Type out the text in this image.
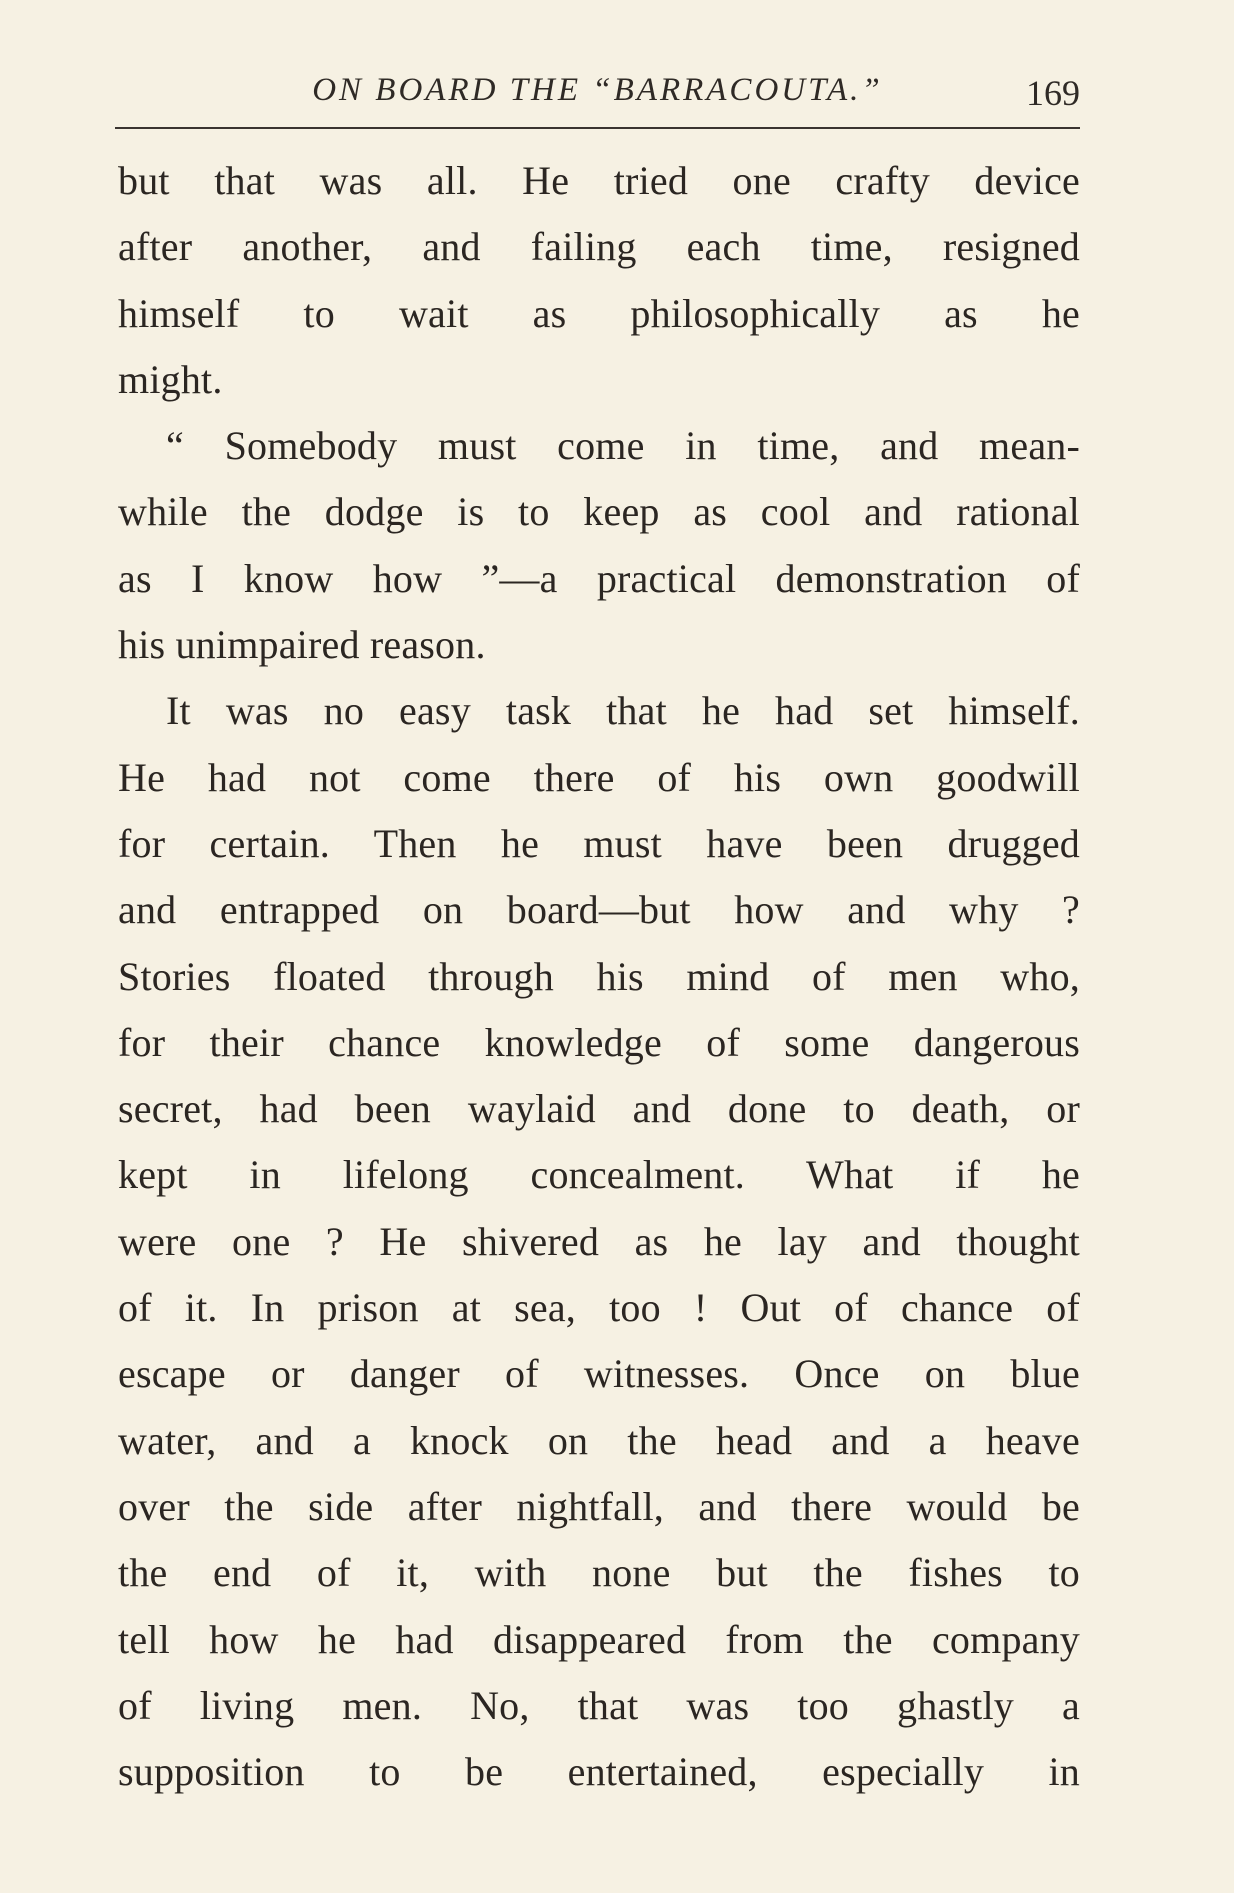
ON BOARD THE “BARRACOUTA.”	169
but that was all. He tried one crafty device
after another, and failing each time, resigned
himself to wait as philosophically as he
might.
“ Somebody must come in time, and mean-
while the dodge is to keep as cool and rational
as I know how ”—a practical demonstration of
his unimpaired reason.
It was no easy task that he had set himself.
He had not come there of his own goodwill
for certain. Then he must have been drugged
and entrapped on board—but how and why ?
Stories floated through his mind of men who,
for their chance knowledge of some dangerous
secret, had been waylaid and done to death, or
kept in lifelong concealment. What if he
were one ? He shivered as he lay and thought
of it. In prison at sea, too ! Out of chance of
escape or danger of witnesses. Once on blue
water, and a knock on the head and a heave
over the side after nightfall, and there would be
the end of it, with none but the fishes to
tell how he had disappeared from the company
of living men. No, that was too ghastly a
supposition to be entertained, especially in
